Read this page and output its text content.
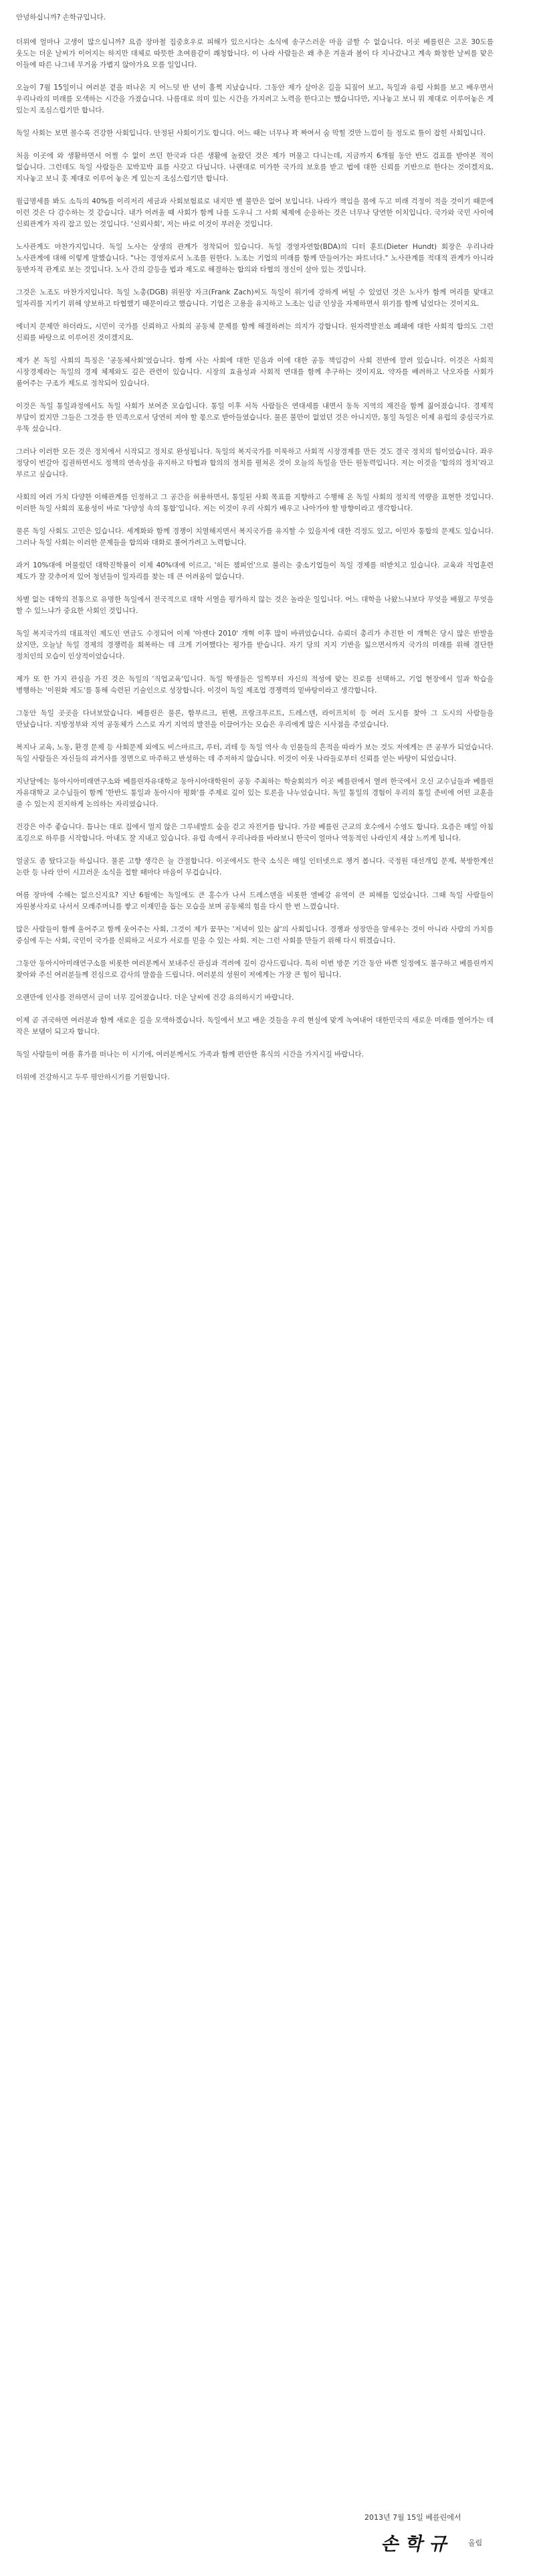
안녕하십니까? 손학규입니다.

더위에 얼마나 고생이 많으십니까? 요즘 장마철 집중호우로 피해가 있으시다는 소식에 송구스러운 마음 금할 수 없습니다. 이곳 베를린은 고온 30도를 웃도는 더운 날씨가 이어지는 하지만 대체로 따뜻한 초여름같이 쾌청합니다. 이 나라 사람들은 왜 추운 겨울과 봄이 다 지나갔냐고 계속 화창한 날씨를 맞은 이들에 따른 나그네 무거움 가볍지 않아가요 모를 일입니다.

오늘이 7월 15일이니 여러분 곁을 떠나온 지 어느덧 반 년이 훌쩍 지났습니다. 그동안 제가 살아온 길을 되짚어 보고, 독일과 유럽 사회를 보고 배우면서 우리나라의 미래를 모색하는 시간을 가졌습니다. 나름대로 의미 있는 시간을 가지려고 노력을 한다고는 했습니다만, 지나놓고 보니 뭐 제대로 이루어놓은 게 있는지 조심스럽기만 합니다.

독일 사회는 보면 볼수록 건강한 사회입니다. 안정된 사회이기도 합니다. 어느 때는 너무나 꽉 짜여서 숨 막힐 것만 느낌이 들 정도로 틀이 잡힌 사회입니다.

처음 이곳에 와 생활하면서 어쩔 수 없이 쓰던 한국과 다른 생활에 놀랐던 것은 제가 머물고 다니는데, 지금까지 6개월 동안 반도 검표를 받아본 적이 없습니다. 그런데도 독일 사람들은 꼬박꼬박 표를 사갖고 다닙니다. 나랜대로 미가한 국가의 보호를 받고 법에 대한 신뢰를 기반으로 한다는 것이겠지요. 지나놓고 보니 훗 제대로 이루어 놓은 게 있는지 조심스럽기만 합니다.

월급명세를 봐도 소득의 40%를 이리저리 세금과 사회보험료로 내지만 별 불만은 없어 보입니다. 나라가 책임을 몸에 두고 미래 걱정이 적을 것이기 때문에 이런 것은 다 감수하는 것 같습니다. 내가 어려울 때 사회가 함께 나를 도우니 그 사회 체제에 순응하는 것은 너무나 당연한 이치입니다. 국가와 국민 사이에 신뢰관계가 자리 잡고 있는 것입니다. '신뢰사회', 저는 바로 이것이 부러운 것입니다.

노사관계도 마찬가지입니다. 독일 노사는 상생의 관계가 정착되어 있습니다. 독일 경영자연합(BDA)의 디터 훈트(Dieter Hundt) 회장은 우리나라 노사관계에 대해 이렇게 말했습니다. "나는 경영자로서 노조를 원한다. 노조는 기업의 미래를 함께 만들어가는 파트너다." 노사관계를 적대적 관계가 아니라 동반자적 관계로 보는 것입니다. 노사 간의 갈등을 법과 제도로 해결하는 합의와 타협의 정신이 살아 있는 것입니다.

그것은 노조도 마찬가지입니다. 독일 노총(DGB) 위원장 자크(Frank Zach)씨도 독일이 위기에 강하게 버틸 수 있었던 것은 노사가 함께 머리를 맞대고 일자리를 지키기 위해 양보하고 타협했기 때문이라고 했습니다. 기업은 고용을 유지하고 노조는 임금 인상을 자제하면서 위기를 함께 넘었다는 것이지요.

에너지 문제만 하더라도, 시민이 국가를 신뢰하고 사회의 공동체 문제를 함께 해결하려는 의지가 강합니다. 원자력발전소 폐쇄에 대한 사회적 합의도 그런 신뢰를 바탕으로 이루어진 것이겠지요.

제가 본 독일 사회의 특징은 '공동체사회'였습니다. 함께 사는 사회에 대한 믿음과 이에 대한 공동 책임감이 사회 전반에 깔려 있습니다. 이것은 사회적 시장경제라는 독일의 경제 체제와도 깊은 관련이 있습니다. 시장의 효율성과 사회적 연대를 함께 추구하는 것이지요. 약자를 배려하고 낙오자를 사회가 품어주는 구조가 제도로 정착되어 있습니다.

이것은 독일 통일과정에서도 독일 사회가 보여준 모습입니다. 통일 이후 서독 사람들은 연대세를 내면서 동독 지역의 재건을 함께 짊어졌습니다. 경제적 부담이 컸지만 그들은 그것을 한 민족으로서 당연히 져야 할 몫으로 받아들였습니다. 물론 불만이 없었던 것은 아니지만, 통일 독일은 이제 유럽의 중심국가로 우뚝 섰습니다.

그러나 이러한 모든 것은 정치에서 시작되고 정치로 완성됩니다. 독일의 복지국가를 이룩하고 사회적 시장경제를 만든 것도 결국 정치의 힘이었습니다. 좌우 정당이 번갈아 집권하면서도 정책의 연속성을 유지하고 타협과 합의의 정치를 펼쳐온 것이 오늘의 독일을 만든 원동력입니다. 저는 이것을 '합의의 정치'라고 부르고 싶습니다.

사회의 여러 가치 다양한 이해관계를 인정하고 그 공간을 허용하면서, 통일된 사회 목표를 지향하고 수행해 온 독일 사회의 정치적 역량을 표현한 것입니다. 이러한 독일 사회의 포용성이 바로 '다양성 속의 통합'입니다. 저는 이것이 우리 사회가 배우고 나아가야 할 방향이라고 생각합니다.

물론 독일 사회도 고민은 있습니다. 세계화와 함께 경쟁이 치열해지면서 복지국가를 유지할 수 있을지에 대한 걱정도 있고, 이민자 통합의 문제도 있습니다. 그러나 독일 사회는 이러한 문제들을 합의와 대화로 풀어가려고 노력합니다.

과거 10%대에 머물렀던 대학진학률이 이제 40%대에 이르고, '히든 챔피언'으로 불리는 중소기업들이 독일 경제를 떠받치고 있습니다. 교육과 직업훈련 제도가 잘 갖추어져 있어 청년들이 일자리를 찾는 데 큰 어려움이 없습니다.

차별 없는 대학의 전통으로 유명한 독일에서 전국적으로 대학 서열을 평가하지 않는 것은 놀라운 일입니다. 어느 대학을 나왔느냐보다 무엇을 배웠고 무엇을 할 수 있느냐가 중요한 사회인 것입니다.

독일 복지국가의 대표적인 제도인 연금도 수정되어 이제 '아젠다 2010' 개혁 이후 많이 바뀌었습니다. 슈뢰더 총리가 추진한 이 개혁은 당시 많은 반발을 샀지만, 오늘날 독일 경제의 경쟁력을 회복하는 데 크게 기여했다는 평가를 받습니다. 자기 당의 지지 기반을 잃으면서까지 국가의 미래를 위해 결단한 정치인의 모습이 인상적이었습니다.

제가 또 한 가지 관심을 가진 것은 독일의 '직업교육'입니다. 독일 학생들은 일찍부터 자신의 적성에 맞는 진로를 선택하고, 기업 현장에서 일과 학습을 병행하는 '이원화 제도'를 통해 숙련된 기술인으로 성장합니다. 이것이 독일 제조업 경쟁력의 밑바탕이라고 생각합니다.

그동안 독일 곳곳을 다녀보았습니다. 베를린은 물론, 함부르크, 뮌헨, 프랑크푸르트, 드레스덴, 라이프치히 등 여러 도시를 찾아 그 도시의 사람들을 만났습니다. 지방정부와 지역 공동체가 스스로 자기 지역의 발전을 이끌어가는 모습은 우리에게 많은 시사점을 주었습니다.

복지나 교육, 노동, 환경 문제 등 사회문제 외에도 비스마르크, 루터, 괴테 등 독일 역사 속 인물들의 흔적을 따라가 보는 것도 저에게는 큰 공부가 되었습니다. 독일 사람들은 자신들의 과거사를 정면으로 마주하고 반성하는 데 주저하지 않습니다. 이것이 이웃 나라들로부터 신뢰를 얻는 바탕이 되었습니다.

지난달에는 동아시아미래연구소와 베를린자유대학교 동아시아대학원이 공동 주최하는 학술회의가 이곳 베를린에서 열려 한국에서 오신 교수님들과 베를린 자유대학교 교수님들이 함께 '한반도 통일과 동아시아 평화'를 주제로 깊이 있는 토론을 나누었습니다. 독일 통일의 경험이 우리의 통일 준비에 어떤 교훈을 줄 수 있는지 진지하게 논의하는 자리였습니다.

건강은 아주 좋습니다. 틈나는 대로 집에서 멀지 않은 그루네발트 숲을 걷고 자전거를 탑니다. 가끔 베를린 근교의 호수에서 수영도 합니다. 요즘은 매일 아침 조깅으로 하루를 시작합니다. 아내도 잘 지내고 있습니다. 유럽 속에서 우리나라를 바라보니 한국이 얼마나 역동적인 나라인지 새삼 느끼게 됩니다.

얼굴도 좀 탔다고들 하십니다. 물론 고향 생각은 늘 간절합니다. 이곳에서도 한국 소식은 매일 인터넷으로 챙겨 봅니다. 국정원 대선개입 문제, 북방한계선 논란 등 나라 안이 시끄러운 소식을 접할 때마다 마음이 무겁습니다.

여름 장마에 수해는 없으신지요? 지난 6월에는 독일에도 큰 홍수가 나서 드레스덴을 비롯한 엘베강 유역이 큰 피해를 입었습니다. 그때 독일 사람들이 자원봉사자로 나서서 모래주머니를 쌓고 이재민을 돕는 모습을 보며 공동체의 힘을 다시 한 번 느꼈습니다.

많은 사람들이 함께 울어주고 함께 웃어주는 사회, 그것이 제가 꿈꾸는 '저녁이 있는 삶'의 사회입니다. 경쟁과 성장만을 앞세우는 것이 아니라 사람의 가치를 중심에 두는 사회, 국민이 국가를 신뢰하고 서로가 서로를 믿을 수 있는 사회. 저는 그런 사회를 만들기 위해 다시 뛰겠습니다.

그동안 동아시아미래연구소를 비롯한 여러분께서 보내주신 관심과 격려에 깊이 감사드립니다. 특히 이번 방문 기간 동안 바쁜 일정에도 불구하고 베를린까지 찾아와 주신 여러분들께 진심으로 감사의 말씀을 드립니다. 여러분의 성원이 저에게는 가장 큰 힘이 됩니다.

오랜만에 인사를 전하면서 글이 너무 길어졌습니다. 더운 날씨에 건강 유의하시기 바랍니다.

이제 곧 귀국하면 여러분과 함께 새로운 길을 모색하겠습니다. 독일에서 보고 배운 것들을 우리 현실에 맞게 녹여내어 대한민국의 새로운 미래를 열어가는 데 작은 보탬이 되고자 합니다.

독일 사람들이 여름 휴가를 떠나는 이 시기에, 여러분께서도 가족과 함께 편안한 휴식의 시간을 가지시길 바랍니다.

더위에 건강하시고 두루 평안하시기를 기원합니다.

2013년 7월 15일 베를린에서
손학규 올림
